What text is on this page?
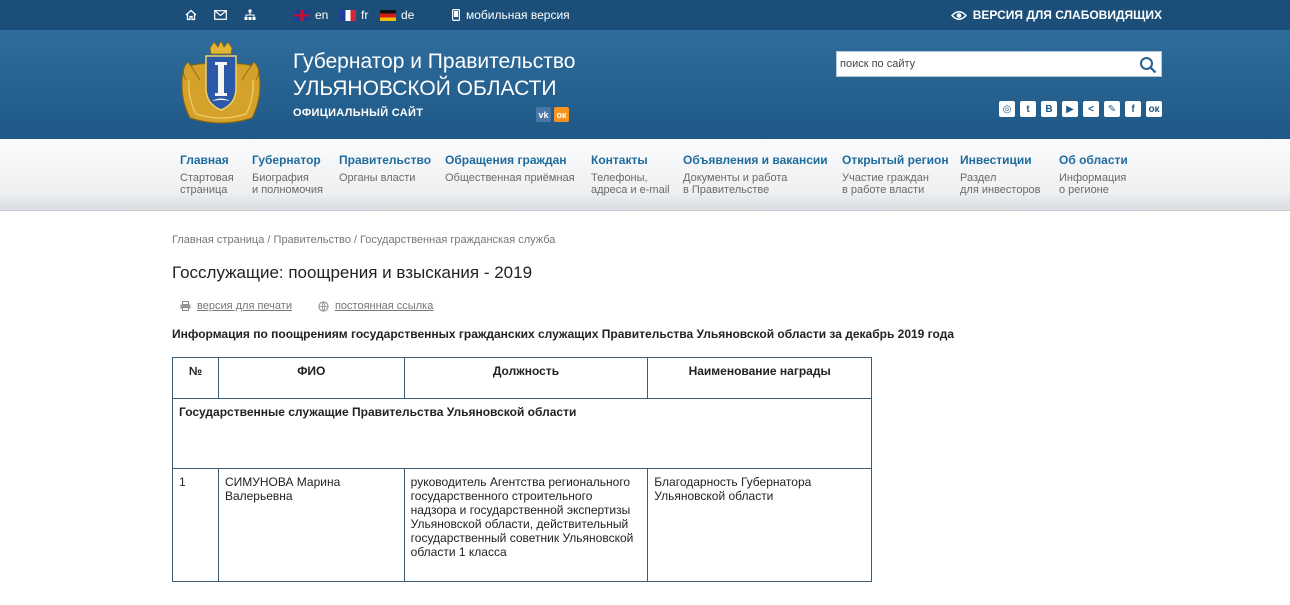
en	fr	de	мобильная версия	ВЕРСИЯ ДЛЯ СЛАБОВИДЯЩИХ
Губернатор и Правительство
УЛЬЯНОВСКОЙ ОБЛАСТИ
ОФИЦИАЛЬНЫЙ САЙТ	vk ок
поиск по сайту	◎	t	B	▶	<	✎	f	ок
Главная
Стартовая
страница
Губернатор
Биография
и полномочия
Правительство
Органы власти
Обращения граждан
Общественная приёмная
Контакты
Телефоны,
адреса и e-mail
Объявления и вакансии
Документы и работа
в Правительстве
Открытый регион
Участие граждан
в работе власти
Инвестиции
Раздел
для инвесторов
Об области
Информация
о регионе
Главная страница / Правительство / Государственная гражданская служба
Госслужащие: поощрения и взыскания - 2019
версия для печати	постоянная ссылка
Информация по поощрениям государственных гражданских служащих Правительства Ульяновской области за декабрь 2019 года
№	ФИО	Должность	Наименование награды
Государственные служащие Правительства Ульяновской области			
1	СИМУНОВА Марина Валерьевна	руководитель Агентства регионального государственного строительного надзора и государственной экспертизы Ульяновской области, действительный государственный советник Ульяновской области 1 класса	Благодарность Губернатора Ульяновской области
